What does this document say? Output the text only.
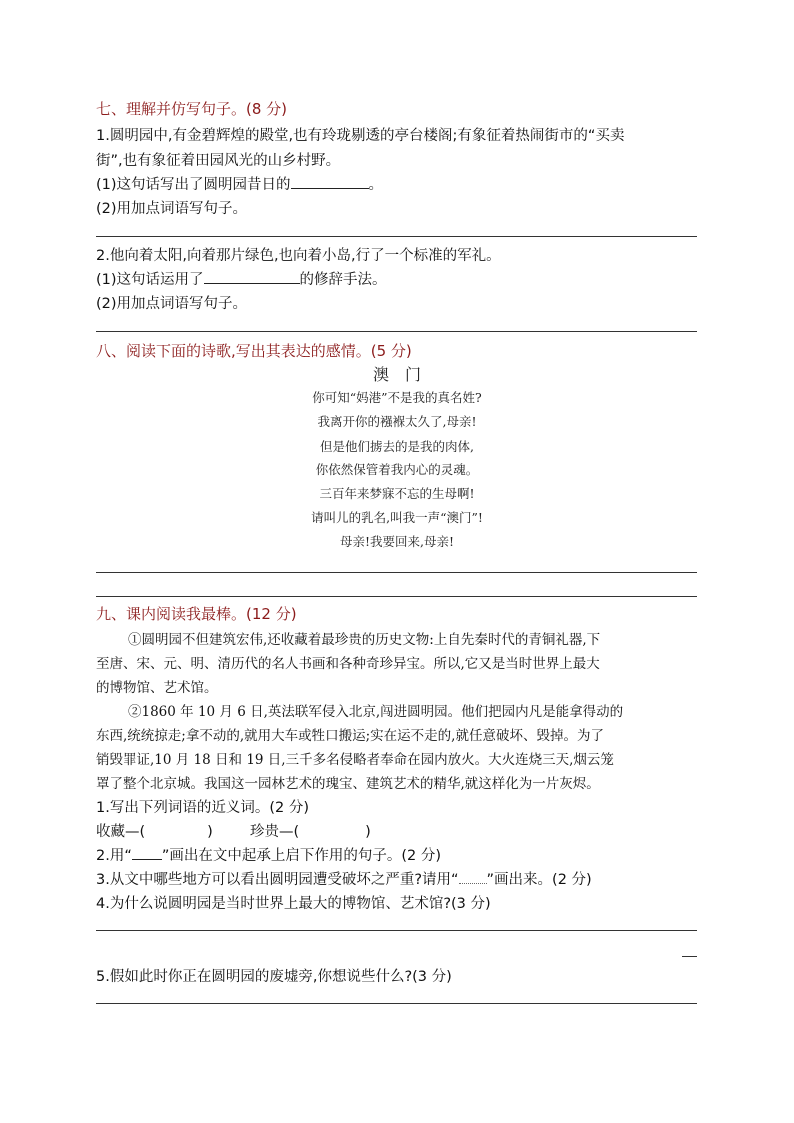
七、理解并仿写句子。(8 分)
1.圆明园中,有金碧辉煌的殿堂,也有玲珑剔透的亭台楼阁;有象征着热闹街市的“买卖
街”,也有象征着田园风光的山乡村野。
(1)这句话写出了圆明园昔日的	。
(2)用加点词语写句子。
2.他向着太阳,向着那片绿色,也向着小岛,行了一个标准的军礼。
(1)这句话运用了	的修辞手法。
(2)用加点词语写句子。
八、阅读下面的诗歌,写出其表达的感情。(5 分)
澳　门
你可知“妈港”不是我的真名姓?
我离开你的襁褓太久了,母亲!
但是他们掳去的是我的肉体,
你依然保管着我内心的灵魂。
三百年来梦寐不忘的生母啊!
请叫儿的乳名,叫我一声“澳门”!
母亲!我要回来,母亲!
九、课内阅读我最棒。(12 分)
①圆明园不但建筑宏伟,还收藏着最珍贵的历史文物:上自先秦时代的青铜礼器,下
至唐、宋、元、明、清历代的名人书画和各种奇珍异宝。所以,它又是当时世界上最大
的博物馆、艺术馆。
②1860 年 10 月 6 日,英法联军侵入北京,闯进圆明园。他们把园内凡是能拿得动的
东西,统统掠走;拿不动的,就用大车或牲口搬运;实在运不走的,就任意破坏、毁掉。为了
销毁罪证,10 月 18 日和 19 日,三千多名侵略者奉命在园内放火。大火连烧三天,烟云笼
罩了整个北京城。我国这一园林艺术的瑰宝、建筑艺术的精华,就这样化为一片灰烬。
1.写出下列词语的近义词。(2 分)
收藏—(	)	珍贵—(	)
2.用“ ”画出在文中起承上启下作用的句子。(2 分)
3.从文中哪些地方可以看出圆明园遭受破坏之严重?请用“ ”画出来。(2 分)
4.为什么说圆明园是当时世界上最大的博物馆、艺术馆?(3 分)
5.假如此时你正在圆明园的废墟旁,你想说些什么?(3 分)
